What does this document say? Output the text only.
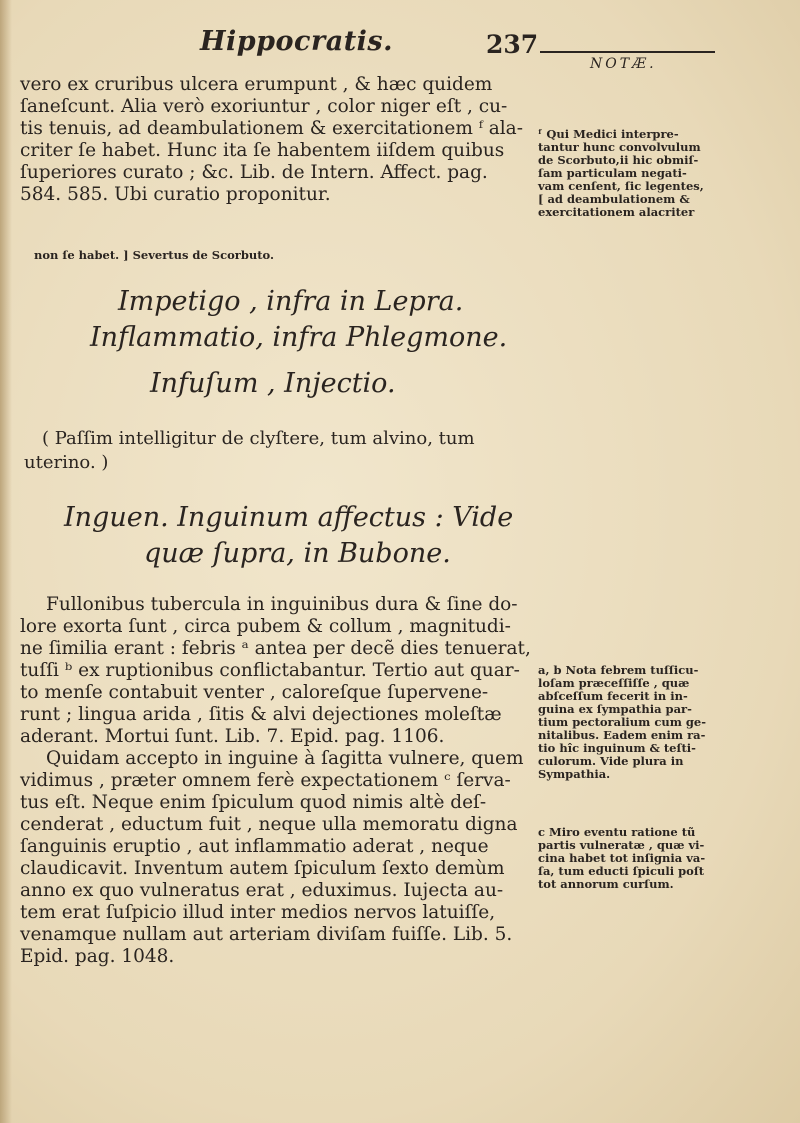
Hippocratis.	237
NOTÆ.
vero ex cruribus ulcera erumpunt , & hæc quidem
ſaneſcunt. Alia verò exoriuntur , color niger eſt , cu-
tis tenuis, ad deambulationem & exercitationem ᶠ ala-
criter ſe habet. Hunc ita ſe habentem iiſdem quibus
ſuperiores curato ; &c. Lib. de Intern. Affect. pag.
584. 585. Ubi curatio proponitur.
ᶠ Qui Medici interpre-
tantur hunc convolvulum
de Scorbuto,ii hic obmiſ-
ſam particulam negati-
vam cenſent, ſic legentes,
[ ad deambulationem &
exercitationem alacriter
non ſe habet. ] Severtus de Scorbuto.
Impetigo , infra in Lepra.
Inflammatio, infra Phlegmone.
Infuſum , Injectio.
( Paſſim intelligitur de clyſtere, tum alvino, tum
uterino. )
Inguen. Inguinum affectus : Vide
quæ ſupra, in Bubone.
Fullonibus tubercula in inguinibus dura & ſine do-
lore exorta ſunt , circa pubem & collum , magnitudi-
ne ſimilia erant : febris ᵃ antea per decẽ dies tenuerat,
tuſſi ᵇ ex ruptionibus conflictabantur. Tertio aut quar-
to menſe contabuit venter , caloreſque ſupervene-
runt ; lingua arida , ſitis & alvi dejectiones moleſtæ
aderant. Mortui ſunt. Lib. 7. Epid. pag. 1106.
Quidam accepto in inguine à ſagitta vulnere, quem
vidimus , præter omnem ferè expectationem ᶜ ſerva-
tus eſt. Neque enim ſpiculum quod nimis altè deſ-
cenderat , eductum fuit , neque ulla memoratu digna
ſanguinis eruptio , aut inflammatio aderat , neque
claudicavit. Inventum autem ſpiculum ſexto demùm
anno ex quo vulneratus erat , eduximus. Iujecta au-
tem erat ſuſpicio illud inter medios nervos latuiſſe,
venamque nullam aut arteriam diviſam fuiſſe. Lib. 5.
Epid. pag. 1048.
a, b Nota febrem tuſſicu-
loſam præceſſiſſe , quæ
abſceſſum fecerit in in-
guina ex ſympathia par-
tium pectoralium cum ge-
nitalibus. Eadem enim ra-
tio hîc inguinum & teſti-
culorum. Vide plura in
Sympathia.
c Miro eventu ratione tũ
partis vulneratæ , quæ vi-
cina habet tot inſignia va-
ſa, tum educti ſpiculi poſt
tot annorum curſum.
